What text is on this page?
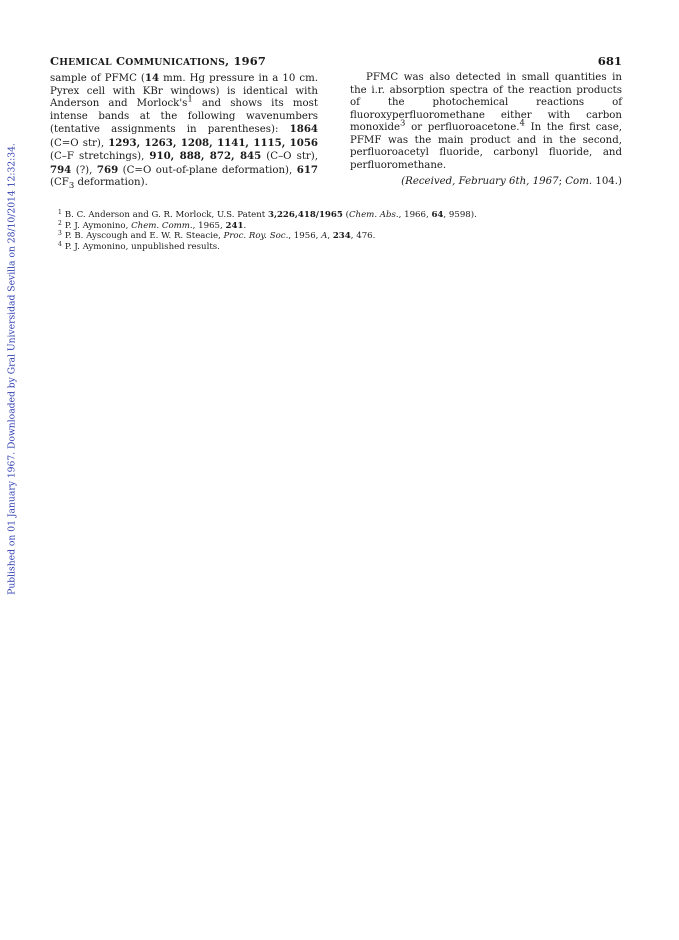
CHEMICAL COMMUNICATIONS, 1967	681

sample of PFMC (14 mm. Hg pressure in a 10 cm. Pyrex cell with KBr windows) is identical with Anderson and $Morlock's^1$ and shows its most intense bands at the following wavenumbers (tentative assignments in parentheses): 1864 (C=O str), 1293, 1263, 1208, 1141, 1115, 1056 (C–F stretchings), 910, 888, 872, 845 (C–O str), 794 (?), 769 (C=O out-of-plane deformation), 617 ($CF_3$ deformation).

PFMC was also detected in small quantities in the i.r. absorption spectra of the reaction products of the photochemical reactions of fluoroxyperfluoromethane either with carbon monoxide$^3$ or perfluoroacetone.$^4$ In the first case, PFMF was the main product and in the second, perfluoroacetyl fluoride, carbonyl fluoride, and perfluoromethane.

(Received, February 6th, 1967; Com. 104.)

$^1$ B. C. Anderson and G. R. Morlock, U.S. Patent 3,226,418/1965 (Chem. Abs., 1966, 64, 9598).
$^2$ P. J. Aymonino, Chem. Comm., 1965, 241.
$^3$ P. B. Ayscough and E. W. R. Steacie, Proc. Roy. Soc., 1956, A, 234, 476.
$^4$ P. J. Aymonino, unpublished results.
Published on 01 January 1967. Downloaded by Gral Universidad Sevilla on 28/10/2014 12:32:34.
